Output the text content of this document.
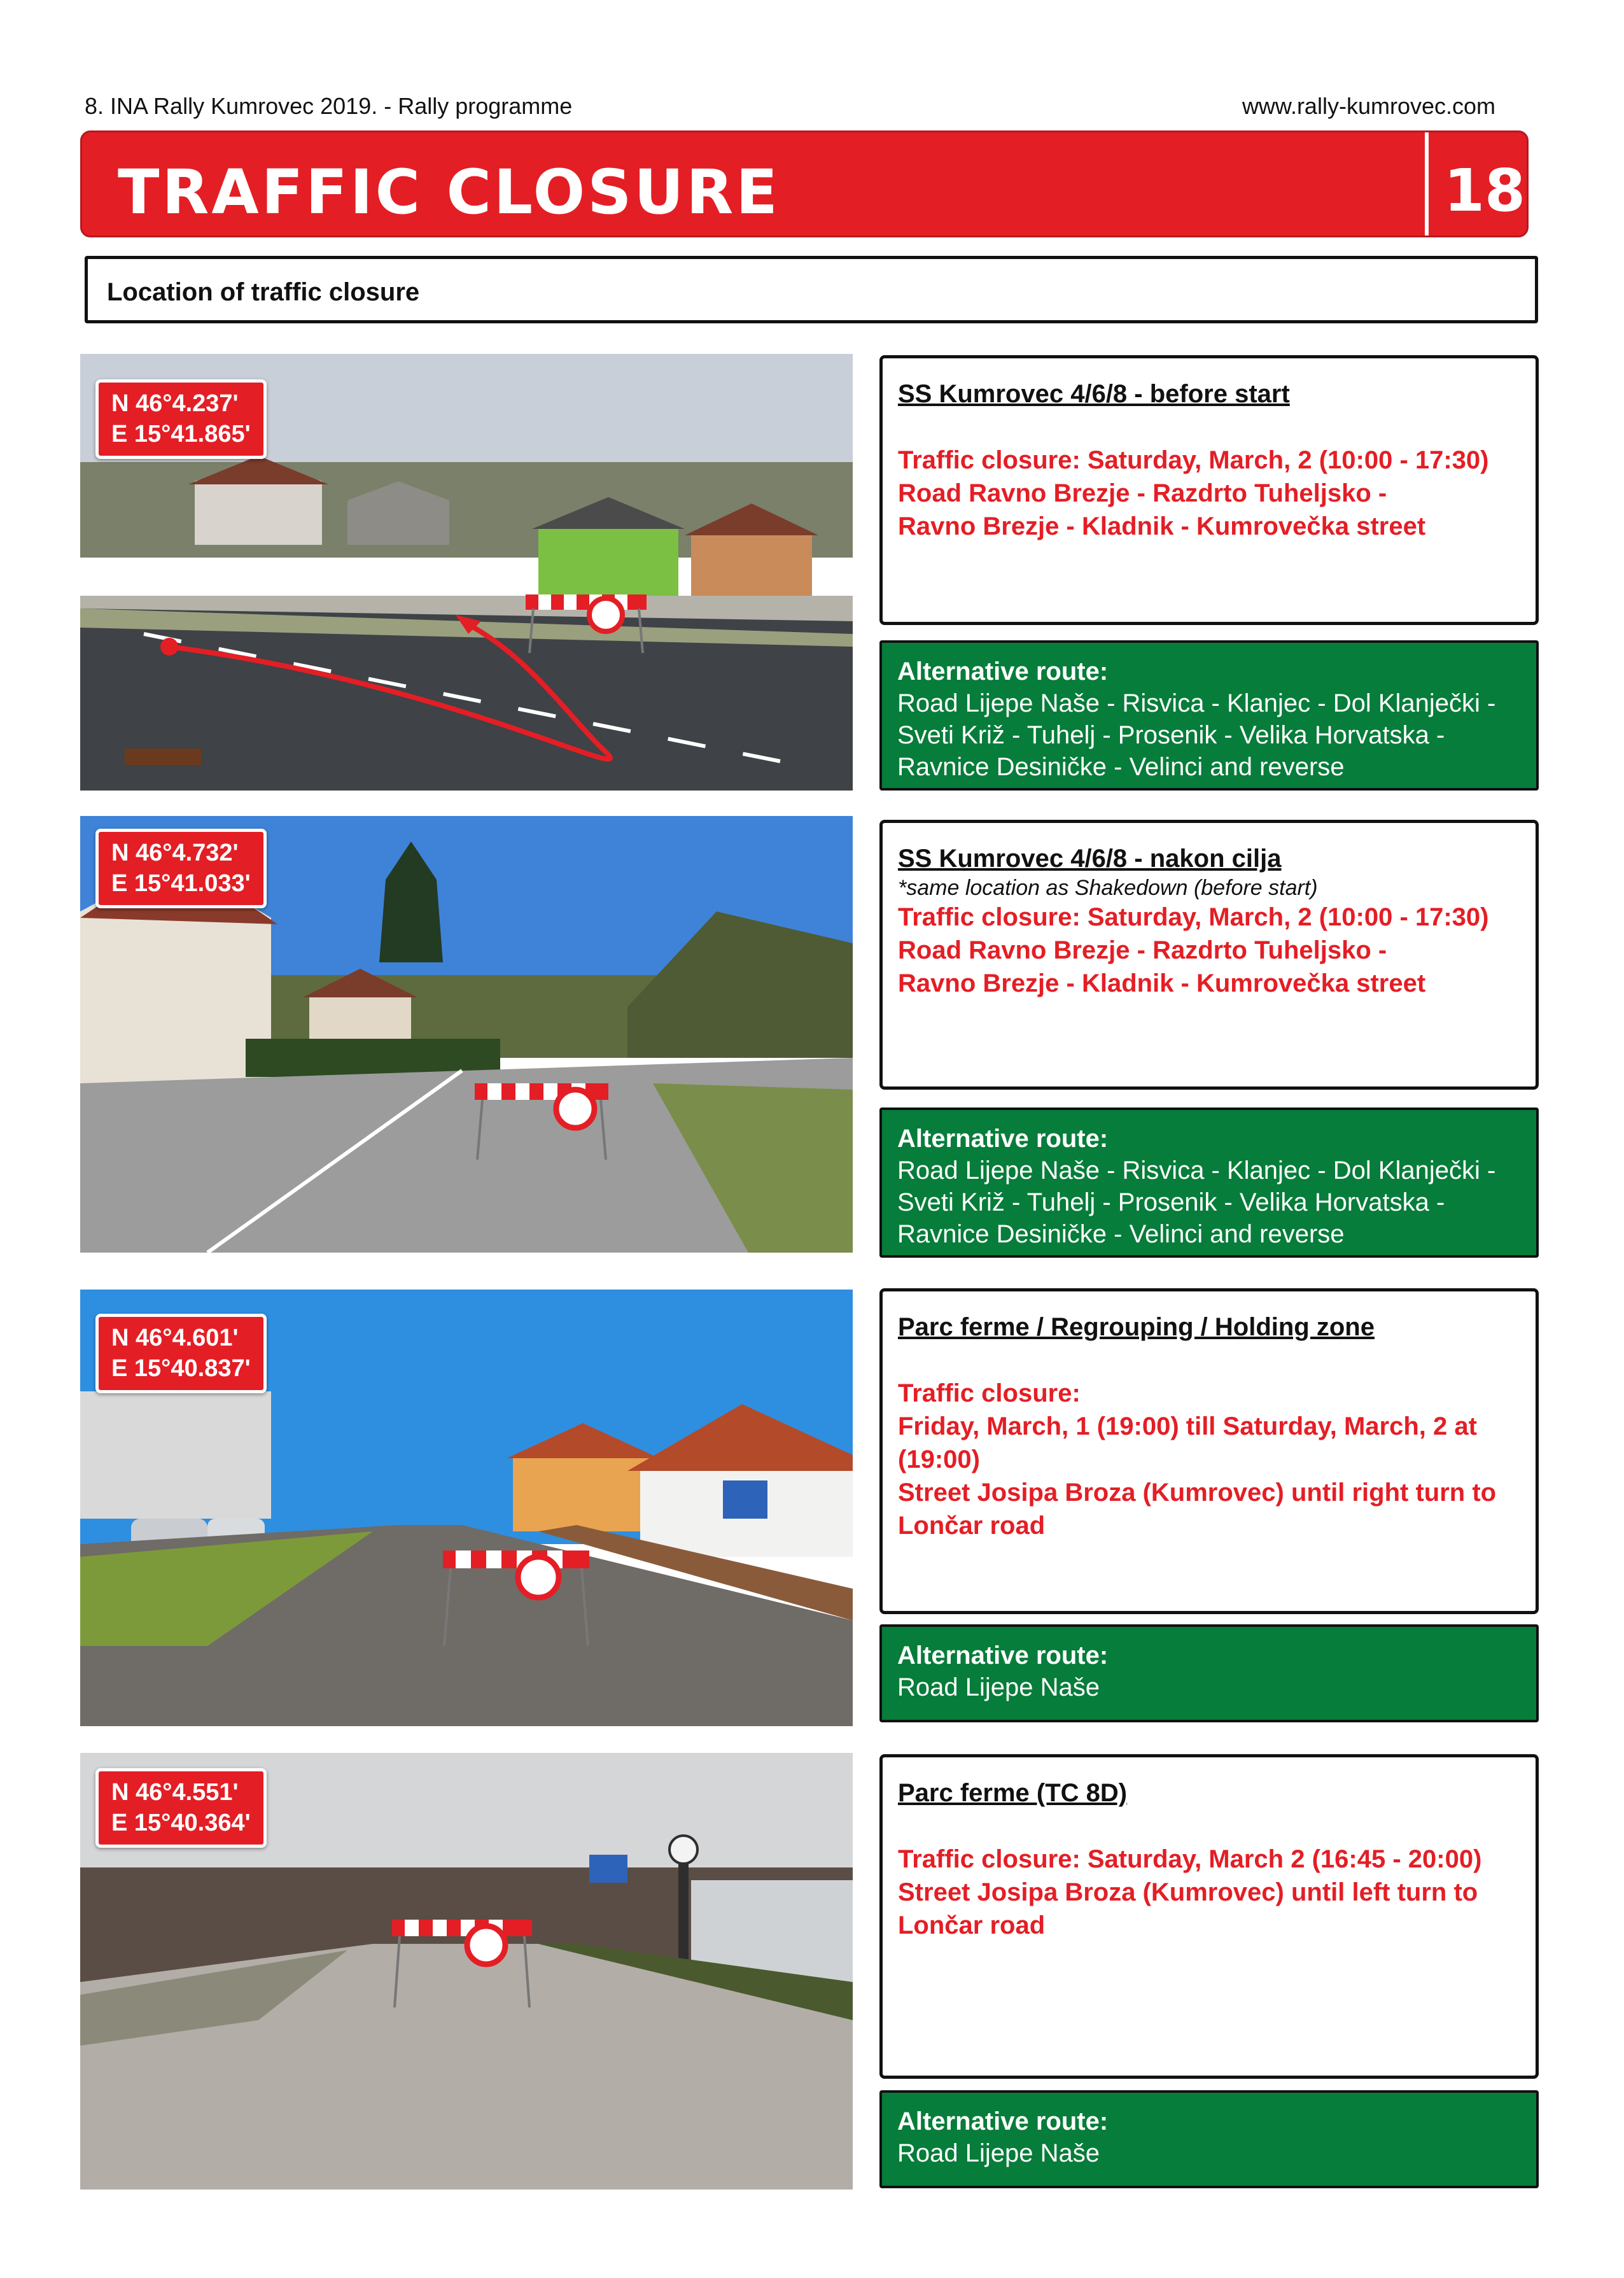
8. INA Rally Kumrovec 2019. - Rally programme	www.rally-kumrovec.com
TRAFFIC CLOSURE	18
Location of traffic closure
N 46°4.237'
E 15°41.865'
SS Kumrovec 4/6/8 - before start
Traffic closure: Saturday, March, 2 (10:00 - 17:30)
Road Ravno Brezje - Razdrto Tuheljsko -
Ravno Brezje - Kladnik - Kumrovečka street
Alternative route:
Road Lijepe Naše - Risvica - Klanjec - Dol Klanječki - Sveti Križ - Tuhelj - Prosenik - Velika Horvatska - Ravnice Desiničke - Velinci and reverse
N 46°4.732'
E 15°41.033'
SS Kumrovec 4/6/8 - nakon cilja
*same location as Shakedown (before start)
Traffic closure: Saturday, March, 2 (10:00 - 17:30)
Road Ravno Brezje - Razdrto Tuheljsko -
Ravno Brezje - Kladnik - Kumrovečka street
Alternative route:
Road Lijepe Naše - Risvica - Klanjec - Dol Klanječki - Sveti Križ - Tuhelj - Prosenik - Velika Horvatska - Ravnice Desiničke - Velinci and reverse
N 46°4.601'
E 15°40.837'
Parc ferme / Regrouping / Holding zone
Traffic closure:
Friday, March, 1 (19:00) till Saturday, March, 2 at (19:00)
Street Josipa Broza (Kumrovec) until right turn to
Lončar road
Alternative route:
Road Lijepe Naše
N 46°4.551'
E 15°40.364'
Parc ferme (TC 8D)
Traffic closure: Saturday, March 2 (16:45 - 20:00)
Street Josipa Broza (Kumrovec) until left turn to
Lončar road
Alternative route:
Road Lijepe Naše
